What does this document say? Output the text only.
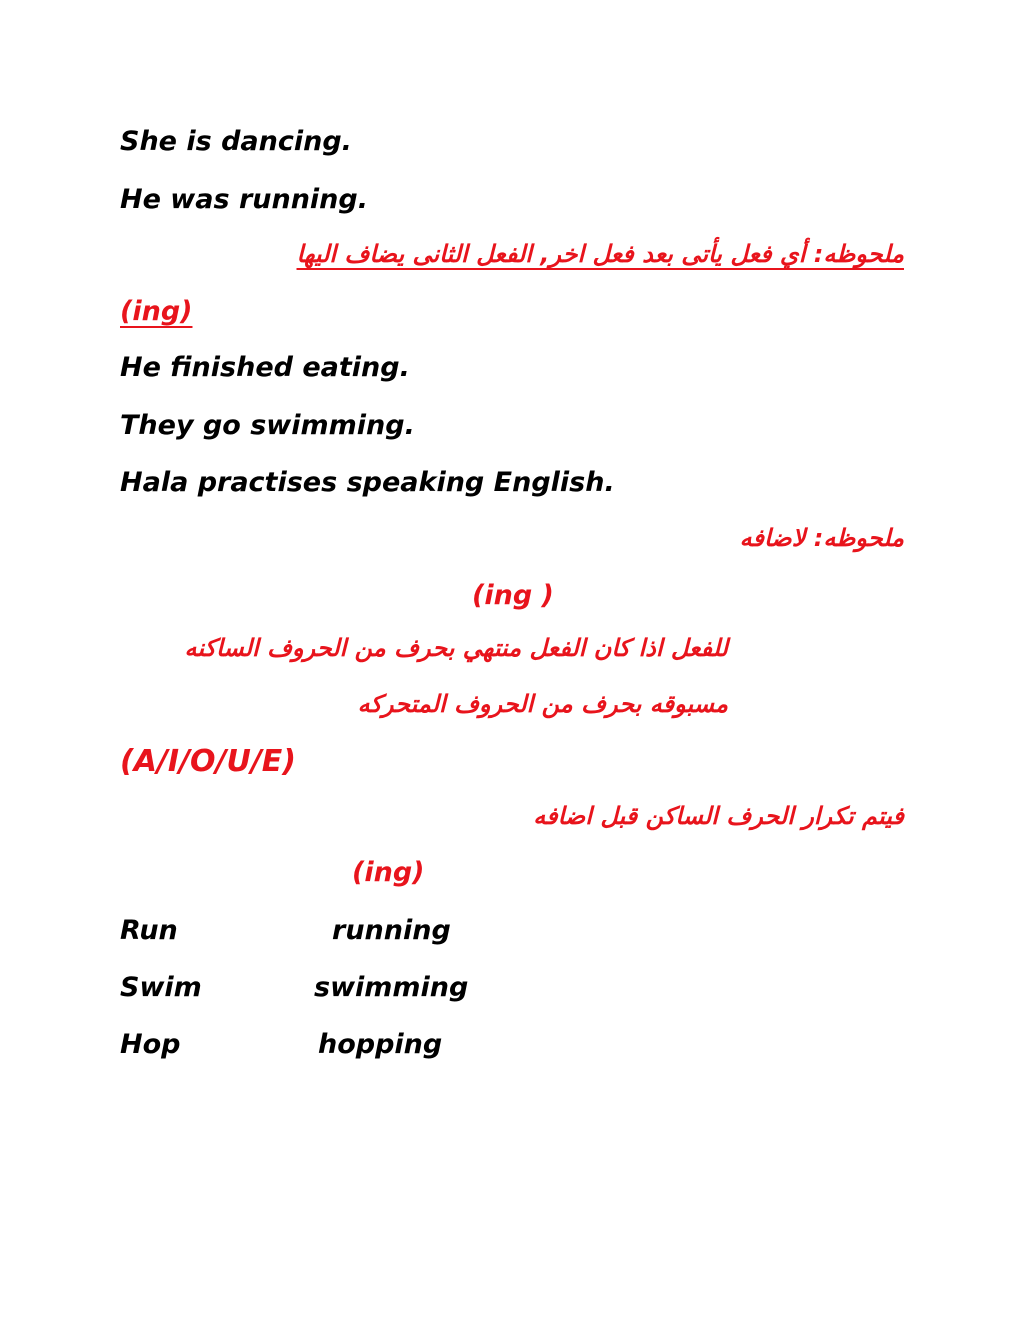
She is dancing.
He was running.
ملحوظه: أي فعل يأتى بعد فعل اخر, الفعل الثانى يضاف اليها
(ing)
He finished eating.
They go swimming.
Hala practises speaking English.
ملحوظه: لاضافه
(ing )
للفعل اذا كان الفعل منتهي بحرف من الحروف الساكنه
مسبوقه بحرف من الحروف المتحركه
(A/I/O/U/E)
فيتم تكرار الحرف الساكن قبل اضافه
(ing)
Run	running
Swim	swimming
Hop	hopping
